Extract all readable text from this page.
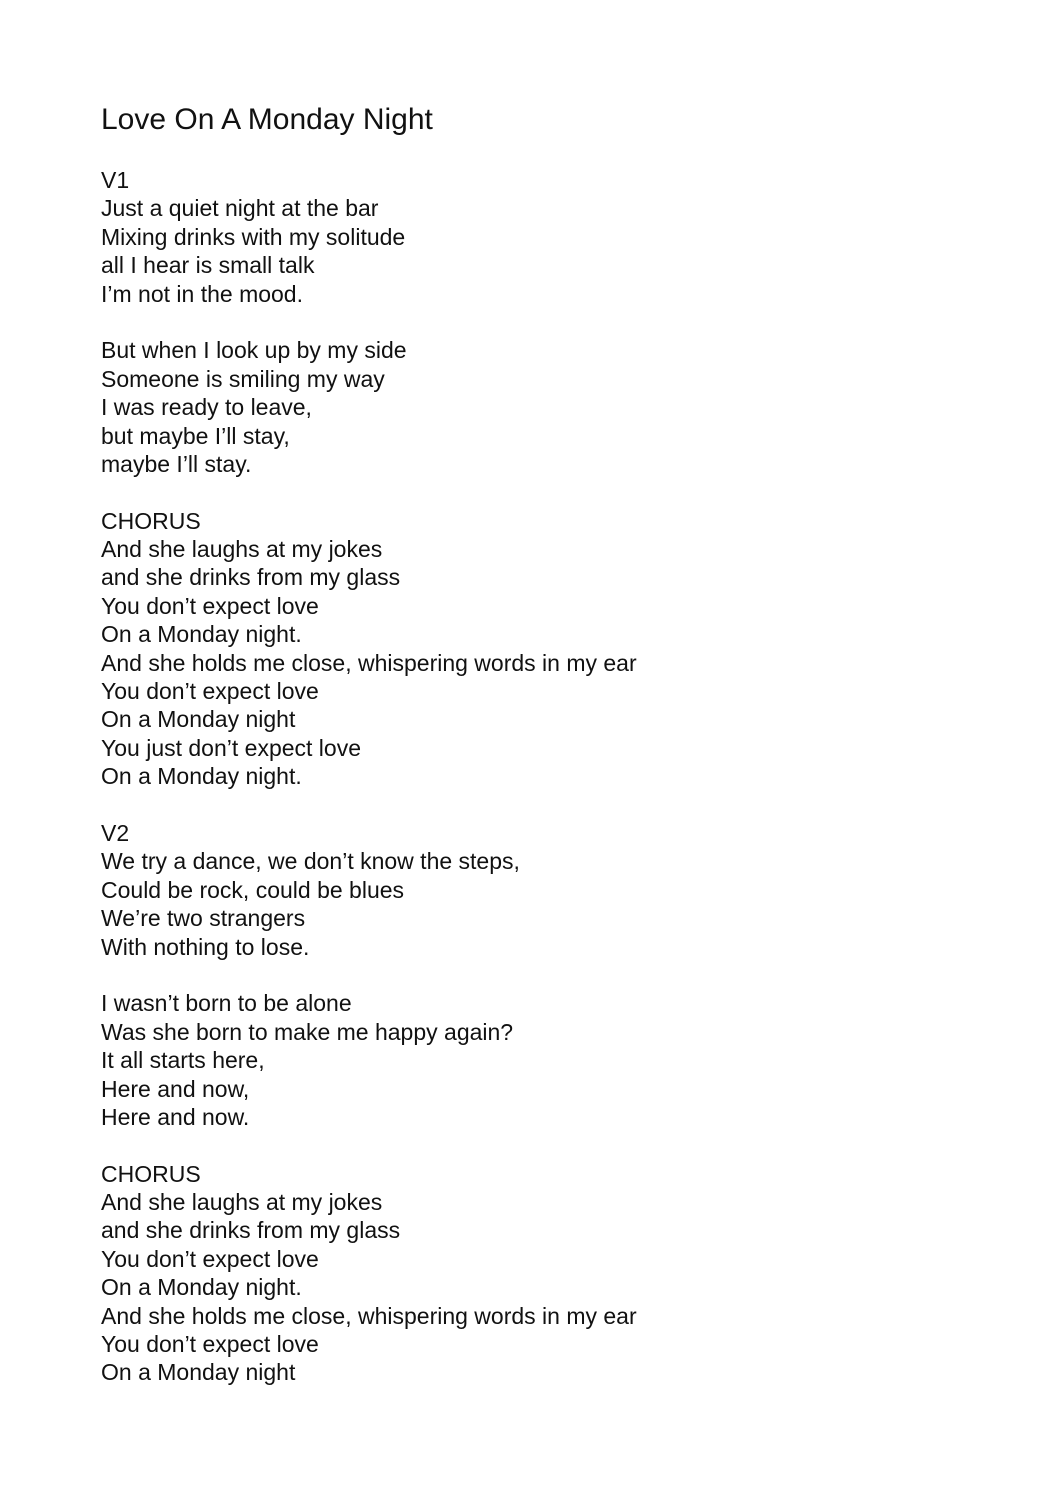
Love On A Monday Night
V1
Just a quiet night at the bar
Mixing drinks with my solitude
all I hear is small talk
I’m not in the mood.
But when I look up by my side
Someone is smiling my way
I was ready to leave,
but maybe I’ll stay,
maybe I’ll stay.
CHORUS
And she laughs at my jokes
and she drinks from my glass
You don’t expect love
On a Monday night.
And she holds me close, whispering words in my ear
You don’t expect love
On a Monday night
You just don’t expect love
On a Monday night.
V2
We try a dance, we don’t know the steps,
Could be rock, could be blues
We’re two strangers
With nothing to lose.
I wasn’t born to be alone
Was she born to make me happy again?
It all starts here,
Here and now,
Here and now.
CHORUS
And she laughs at my jokes
and she drinks from my glass
You don’t expect love
On a Monday night.
And she holds me close, whispering words in my ear
You don’t expect love
On a Monday night
